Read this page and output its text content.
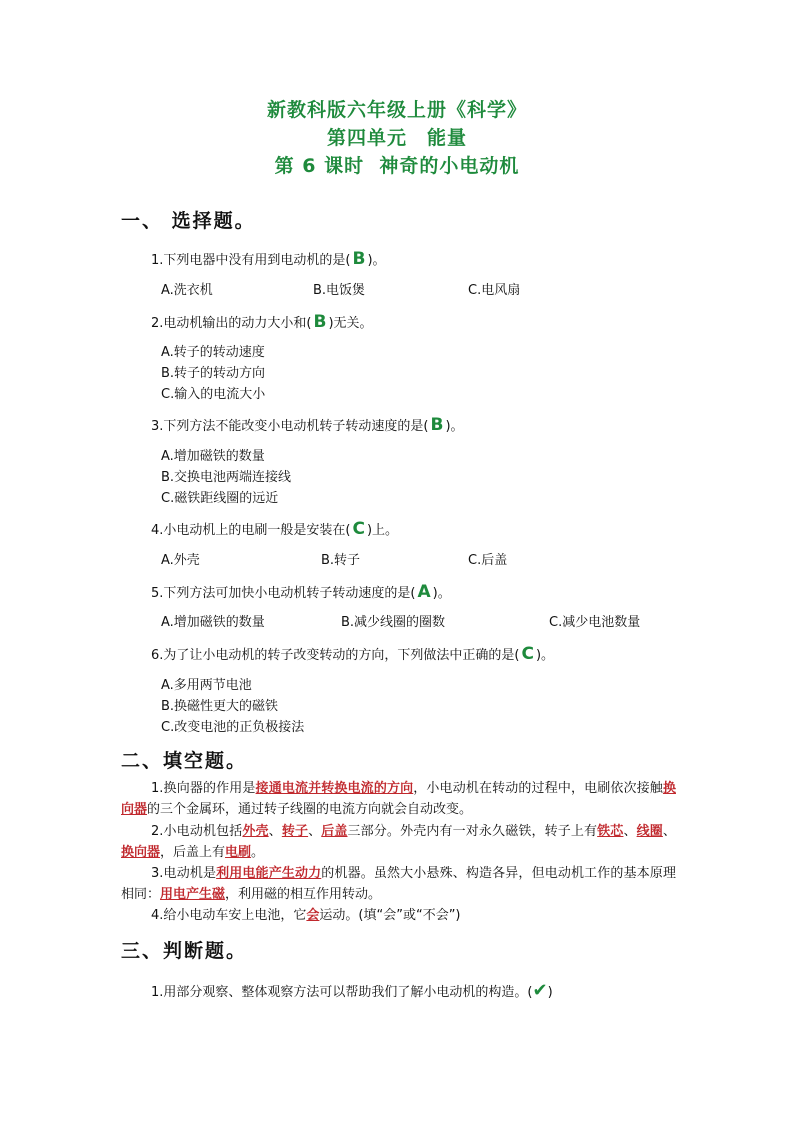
新教科版六年级上册《科学》
第四单元　能量
第 6 课时  神奇的小电动机
一、 选择题。
1.下列电器中没有用到电动机的是( B )。
A.洗衣机	B.电饭煲	C.电风扇
2.电动机输出的动力大小和( B )无关。
A.转子的转动速度
B.转子的转动方向
C.输入的电流大小
3.下列方法不能改变小电动机转子转动速度的是( B )。
A.增加磁铁的数量
B.交换电池两端连接线
C.磁铁距线圈的远近
4.小电动机上的电刷一般是安装在( C )上。
A.外壳	B.转子	C.后盖
5.下列方法可加快小电动机转子转动速度的是( A )。
A.增加磁铁的数量	B.减少线圈的圈数	C.减少电池数量
6.为了让小电动机的转子改变转动的方向，下列做法中正确的是( C )。
A.多用两节电池
B.换磁性更大的磁铁
C.改变电池的正负极接法
二、填空题。
1.换向器的作用是接通电流并转换电流的方向，小电动机在转动的过程中，电刷依次接触换向器的三个金属环，通过转子线圈的电流方向就会自动改变。
2.小电动机包括外壳、转子、后盖三部分。外壳内有一对永久磁铁，转子上有铁芯、线圈、换向器，后盖上有电刷。
3.电动机是利用电能产生动力的机器。虽然大小悬殊、构造各异，但电动机工作的基本原理相同：用电产生磁，利用磁的相互作用转动。
4.给小电动车安上电池，它会运动。(填“会”或“不会”)
三、判断题。
1.用部分观察、整体观察方法可以帮助我们了解小电动机的构造。(✔)
